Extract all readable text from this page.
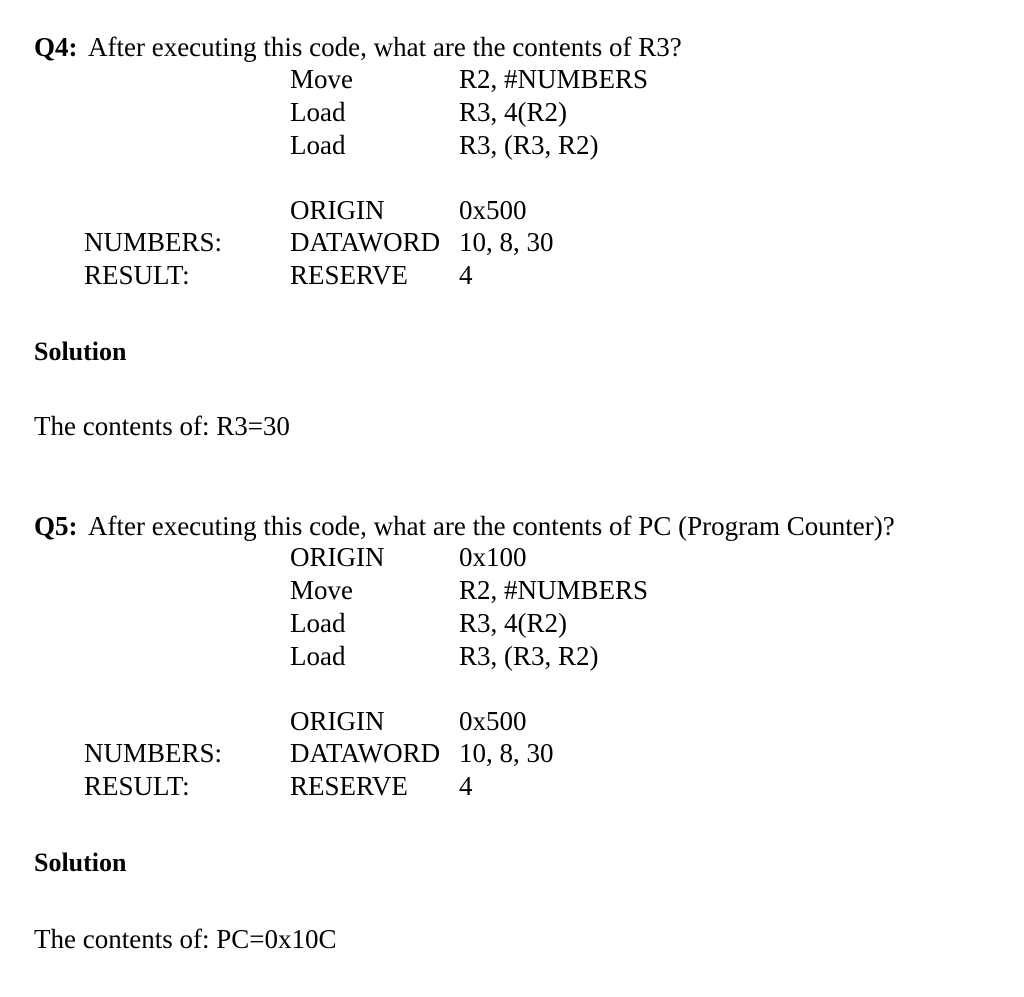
Q4: After executing this code, what are the contents of R3?
Move	R2, #NUMBERS
Load	R3, 4(R2)
Load	R3, (R3, R2)
ORIGIN	0x500
NUMBERS:	DATAWORD 10, 8, 30
RESULT:	RESERVE 4
Solution
The contents of: R3=30
Q5: After executing this code, what are the contents of PC (Program Counter)?
ORIGIN	0x100
Move	R2, #NUMBERS
Load	R3, 4(R2)
Load	R3, (R3, R2)
ORIGIN	0x500
NUMBERS:	DATAWORD 10, 8, 30
RESULT:	RESERVE 4
Solution
The contents of: PC=0x10C
